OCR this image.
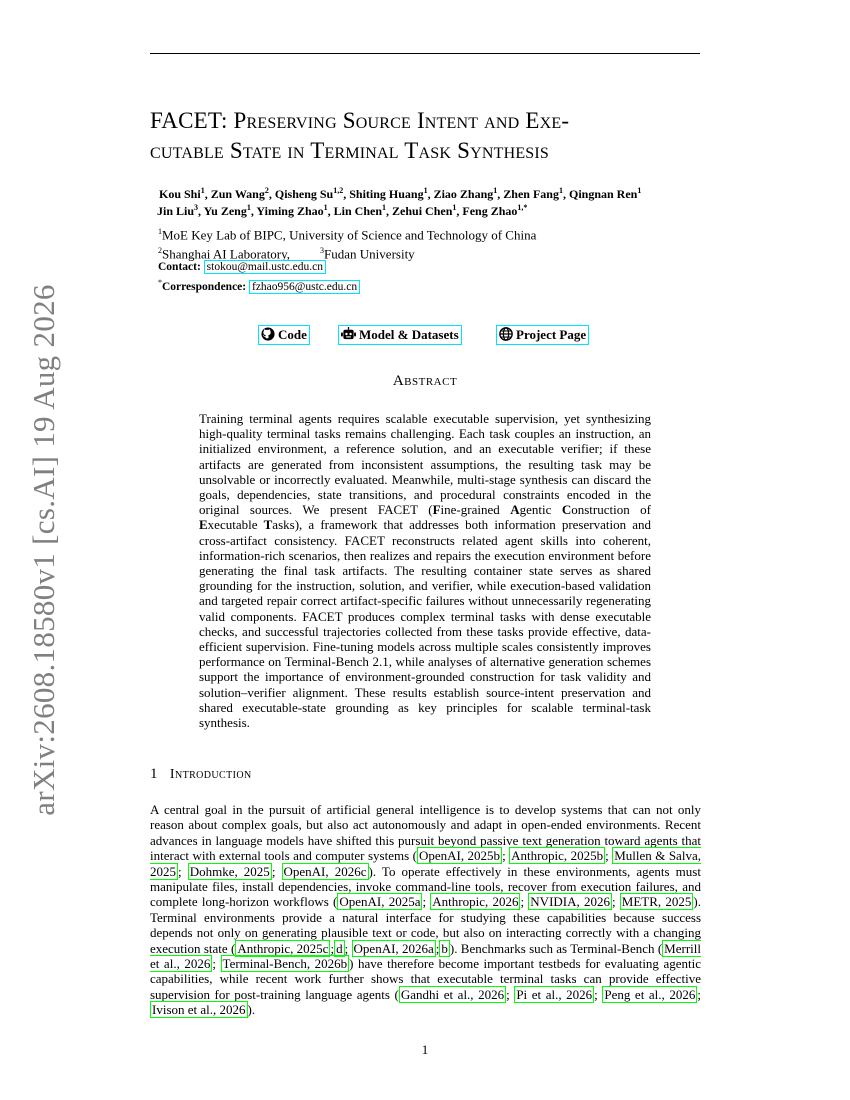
arXiv:2608.18580v1 [cs.AI] 19 Aug 2026
FACET: Preserving Source Intent and Exe-
cutable State in Terminal Task Synthesis
Kou Shi$^1$, Zun Wang$^2$, Qisheng Su$^{1,2}$, Shiting Huang$^1$, Ziao Zhang$^1$, Zhen Fang$^1$, Qingnan Ren$^1$
Jin Liu$^3$, Yu Zeng$^1$, Yiming Zhao$^1$, Lin Chen$^1$, Zehui Chen$^1$, Feng Zhao$^{1,*}$
$^1$MoE Key Lab of BIPC, University of Science and Technology of China
$^2$Shanghai AI Laboratory,	$^3$Fudan University
Contact: stokou@mail.ustc.edu.cn
*Correspondence: fzhao956@ustc.edu.cn
Code	Model & Datasets	Project Page
Abstract
Training terminal agents requires scalable executable supervision, yet synthesizing high-quality terminal tasks remains challenging. Each task couples an instruction, an initialized environment, a reference solution, and an executable verifier; if these artifacts are generated from inconsistent assumptions, the resulting task may be unsolvable or incorrectly evaluated. Meanwhile, multi-stage synthesis can discard the goals, dependencies, state transitions, and procedural constraints encoded in the original sources. We present FACET (Fine-grained Agentic Construction of Executable Tasks), a framework that addresses both information preservation and cross-artifact consistency. FACET reconstructs related agent skills into coherent, information-rich scenarios, then realizes and repairs the execution environment before generating the final task artifacts. The resulting container state serves as shared grounding for the instruction, solution, and verifier, while execution-based validation and targeted repair correct artifact-specific failures without unnecessarily regenerating valid components. FACET produces complex terminal tasks with dense executable checks, and successful trajectories collected from these tasks provide effective, data-efficient supervision. Fine-tuning models across multiple scales consistently improves performance on Terminal-Bench 2.1, while analyses of alternative generation schemes support the importance of environment-grounded construction for task validity and solution–verifier alignment. These results establish source-intent preservation and shared executable-state grounding as key principles for scalable terminal-task synthesis.
1 Introduction
A central goal in the pursuit of artificial general intelligence is to develop systems that can not only reason about complex goals, but also act autonomously and adapt in open-ended environments. Recent advances in language models have shifted this pursuit beyond passive text generation toward agents that interact with external tools and computer systems ( OpenAI, 2025b ; Anthropic, 2025b ; Mullen & Salva, 2025 ; Dohmke, 2025 ; OpenAI, 2026c ). To operate effectively in these environments, agents must manipulate files, install dependencies, invoke command-line tools, recover from execution failures, and complete long-horizon workflows ( OpenAI, 2025a ; Anthropic, 2026 ; NVIDIA, 2026 ; METR, 2025 ). Terminal environments provide a natural interface for studying these capabilities because success depends not only on generating plausible text or code, but also on interacting correctly with a changing execution state ( Anthropic, 2025c ; d ; OpenAI, 2026a ; b ). Benchmarks such as Terminal-Bench ( Merrill et al., 2026 ; Terminal-Bench, 2026b ) have therefore become important testbeds for evaluating agentic capabilities, while recent work further shows that executable terminal tasks can provide effective supervision for post-training language agents ( Gandhi et al., 2026 ; Pi et al., 2026 ; Peng et al., 2026 ; Ivison et al., 2026 ).
1
